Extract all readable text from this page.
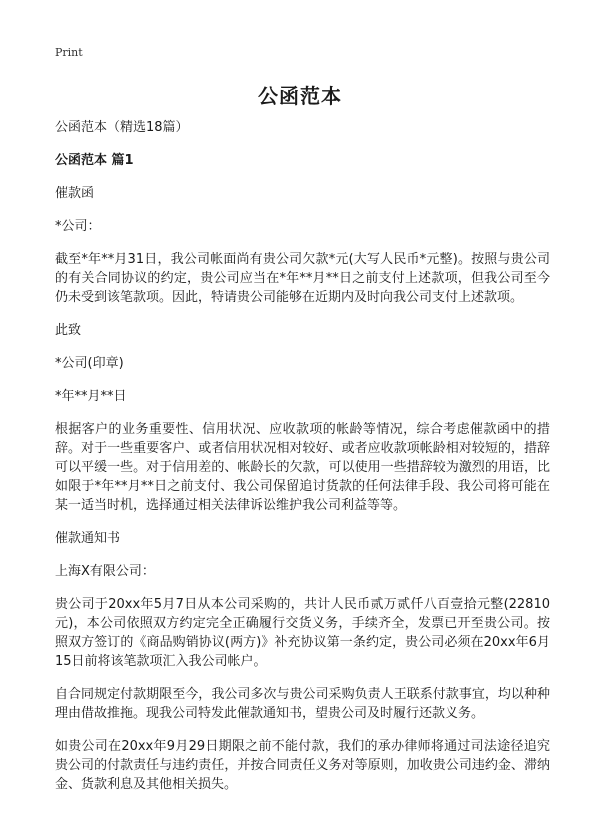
Print
公函范本

公函范本（精选18篇）

公函范本 篇1

催款函

*公司：

截至*年**月31日，我公司帐面尚有贵公司欠款*元(大写人民币*元整)。按照与贵公司的有关合同协议的约定，贵公司应当在*年**月**日之前支付上述款项，但我公司至今仍未受到该笔款项。因此，特请贵公司能够在近期内及时向我公司支付上述款项。

此致

*公司(印章)

*年**月**日

根据客户的业务重要性、信用状况、应收款项的帐龄等情况，综合考虑催款函中的措辞。对于一些重要客户、或者信用状况相对较好、或者应收款项帐龄相对较短的，措辞可以平缓一些。对于信用差的、帐龄长的欠款，可以使用一些措辞较为激烈的用语，比如限于*年**月**日之前支付、我公司保留追讨货款的任何法律手段、我公司将可能在某一适当时机，选择通过相关法律诉讼维护我公司利益等等。

催款通知书

上海X有限公司：

贵公司于20xx年5月7日从本公司采购的，共计人民币贰万贰仟八百壹拾元整(22810元)，本公司依照双方约定完全正确履行交货义务，手续齐全，发票已开至贵公司。按照双方签订的《商品购销协议(两方)》补充协议第一条约定，贵公司必须在20xx年6月15日前将该笔款项汇入我公司帐户。

自合同规定付款期限至今，我公司多次与贵公司采购负责人王联系付款事宜，均以种种理由借故推拖。现我公司特发此催款通知书，望贵公司及时履行还款义务。

如贵公司在20xx年9月29日期限之前不能付款，我们的承办律师将通过司法途径追究贵公司的付款责任与违约责任，并按合同责任义务对等原则，加收贵公司违约金、滞纳金、货款利息及其他相关损失。
